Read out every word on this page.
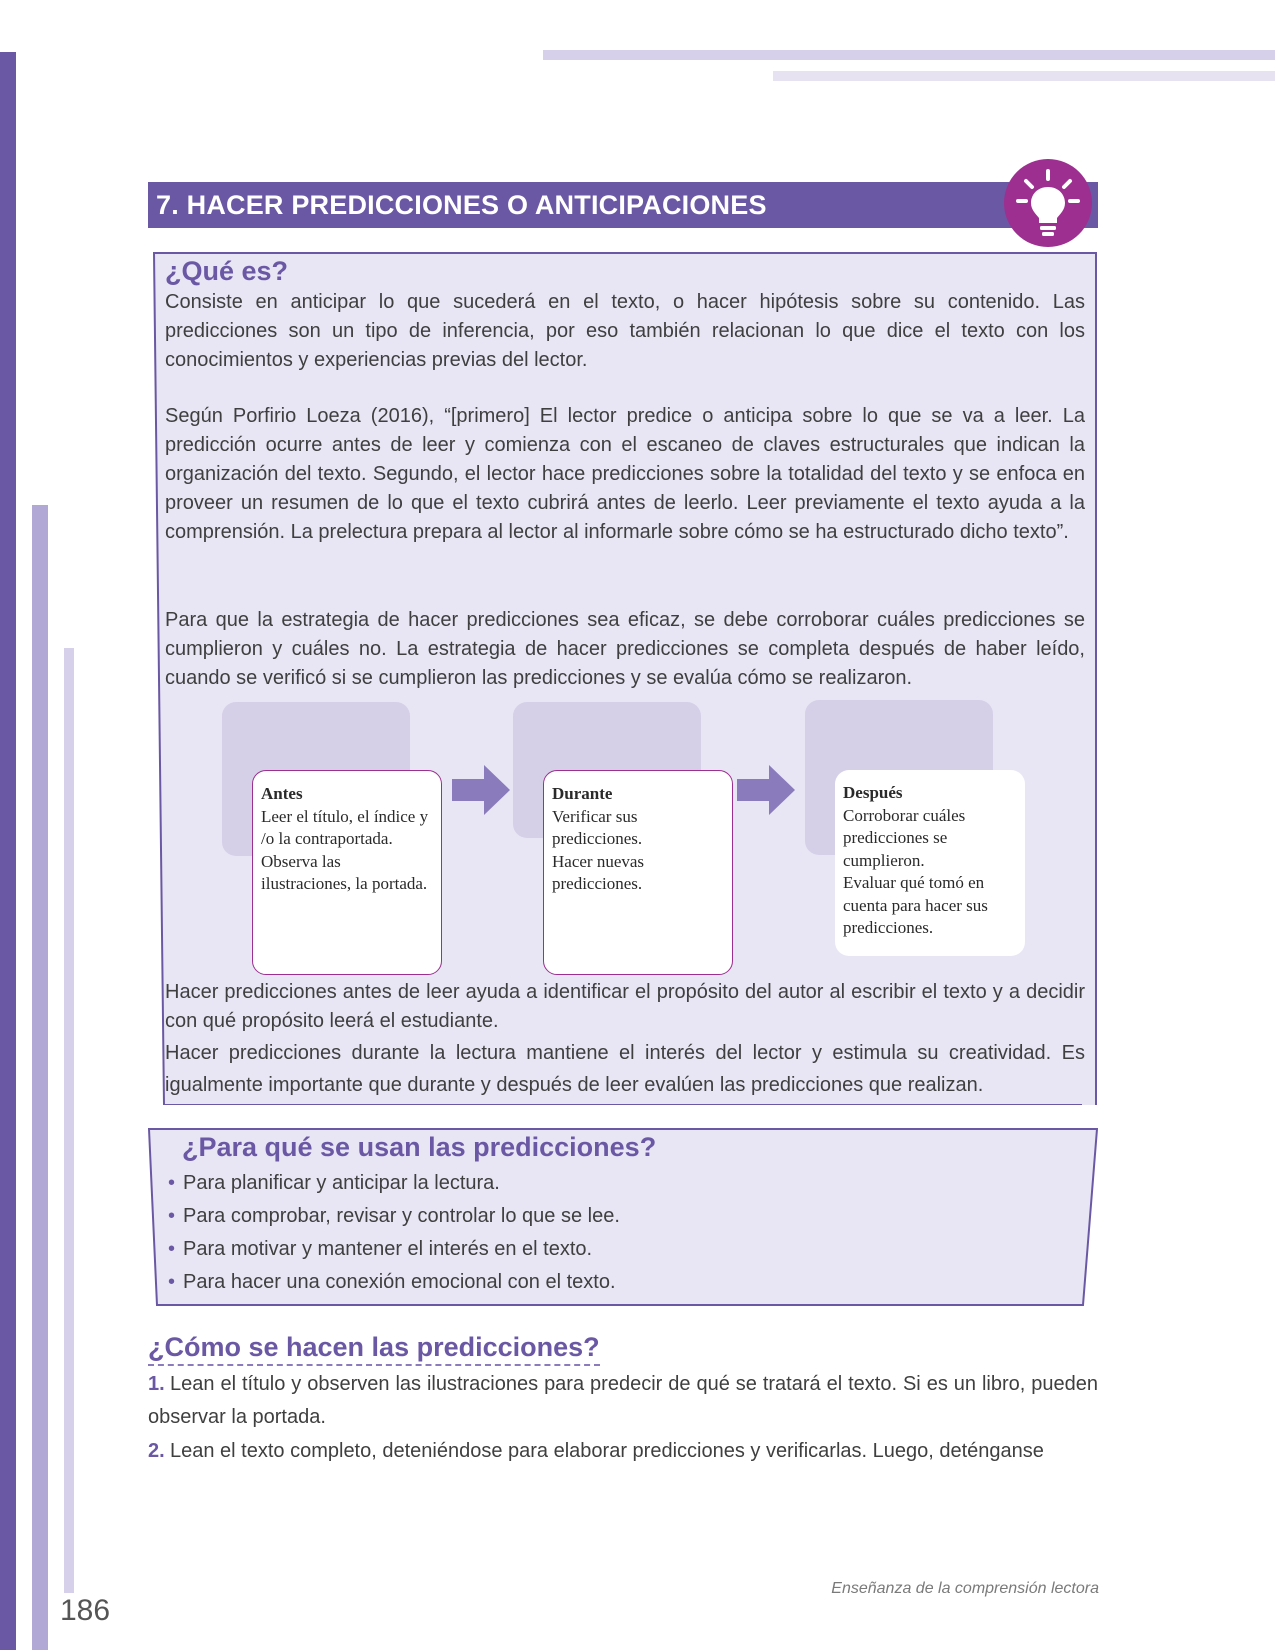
7. HACER PREDICCIONES O ANTICIPACIONES
¿Qué es?
Consiste en anticipar lo que sucederá en el texto, o hacer hipótesis sobre su contenido. Las predicciones son un tipo de inferencia, por eso también relacionan lo que dice el texto con los conocimientos y experiencias previas del lector.
Según Porfirio Loeza (2016), “[primero] El lector predice o anticipa sobre lo que se va a leer. La predicción ocurre antes de leer y comienza con el escaneo de claves estructurales que indican la organización del texto. Segundo, el lector hace predicciones sobre la totalidad del texto y se enfoca en proveer un resumen de lo que el texto cubrirá antes de leerlo. Leer previamente el texto ayuda a la comprensión. La prelectura prepara al lector al informarle sobre cómo se ha estructurado dicho texto”.
Para que la estrategia de hacer predicciones sea eficaz, se debe corroborar cuáles predicciones se cumplieron y cuáles no. La estrategia de hacer predicciones se completa después de haber leído, cuando se verificó si se cumplieron las predicciones y se evalúa cómo se realizaron.
Antes
Leer el título, el índice y
/o la contraportada.
Observa las
ilustraciones, la portada.
Durante
Verificar sus
predicciones.
Hacer nuevas
predicciones.
Después
Corroborar cuáles
predicciones se
cumplieron.
Evaluar qué tomó en
cuenta para hacer sus
predicciones.
Hacer predicciones antes de leer ayuda a identificar el propósito del autor al escribir el texto y a decidir con qué propósito leerá el estudiante.
Hacer predicciones durante la lectura mantiene el interés del lector y estimula su creatividad. Es igualmente importante que durante y después de leer evalúen las predicciones que realizan.
¿Para qué se usan las predicciones?
• Para planificar y anticipar la lectura.
• Para comprobar, revisar y controlar lo que se lee.
• Para motivar y mantener el interés en el texto.
• Para hacer una conexión emocional con el texto.
¿Cómo se hacen las predicciones?
1. Lean el título y observen las ilustraciones para predecir de qué se tratará el texto. Si es un libro, pueden observar la portada.
2. Lean el texto completo, deteniéndose para elaborar predicciones y verificarlas. Luego, deténganse
Enseñanza de la comprensión lectora
186
